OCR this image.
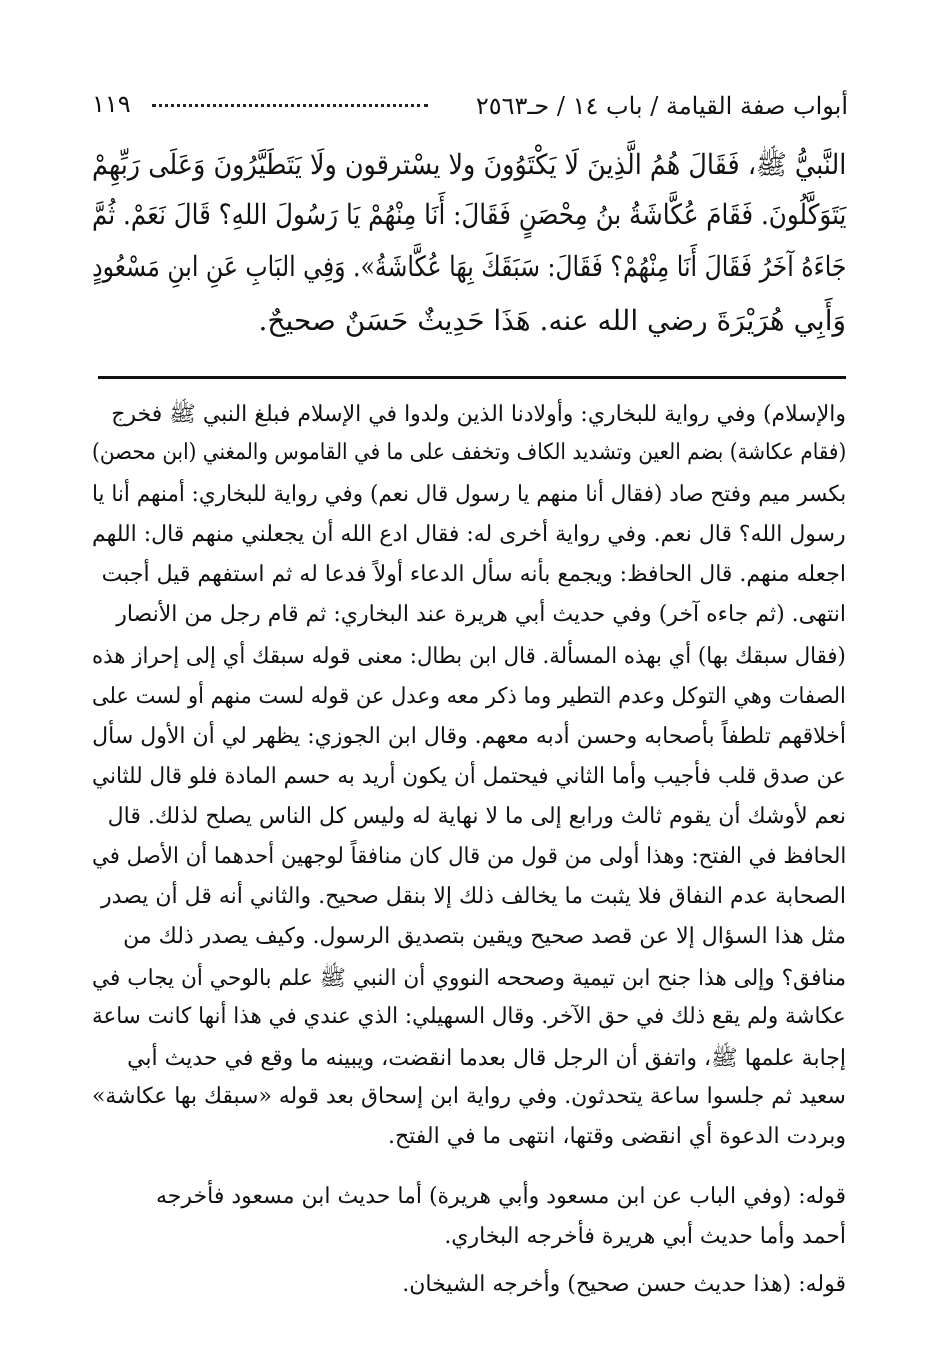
أبواب صفة القيامة / باب ١٤ / حـ٢٥٦٣
١١٩
النَّبيُّ ﷺ، فَقَالَ هُمُ الَّذِينَ لَا يَكْتَوُونَ ولا يسْترقون ولَا يَتَطَيَّرُونَ وَعَلَى رَبِّهِمْ
يَتَوَكَّلُونَ. فَقَامَ عُكَّاشَةُ بنُ مِحْصَنٍ فَقَالَ: أَنَا مِنْهُمْ يَا رَسُولَ اللهِ؟ قَالَ نَعَمْ. ثُمَّ
جَاءَهُ آخَرُ فَقَالَ أَنَا مِنْهُمْ؟ فَقَالَ: سَبَقَكَ بِهَا عُكَّاشَةُ». وَفِي البَابِ عَنِ ابنِ مَسْعُودٍ
وَأَبِي هُرَيْرَةَ رضي الله عنه. هَذَا حَدِيثٌ حَسَنٌ صحيحٌ.
والإسلام) وفي رواية للبخاري: وأولادنا الذين ولدوا في الإسلام فبلغ النبي ﷺ فخرج
(فقام عكاشة) بضم العين وتشديد الكاف وتخفف على ما في القاموس والمغني (ابن محصن)
بكسر ميم وفتح صاد (فقال أنا منهم يا رسول قال نعم) وفي رواية للبخاري: أمنهم أنا يا
رسول الله؟ قال نعم. وفي رواية أخرى له: فقال ادع الله أن يجعلني منهم قال: اللهم
اجعله منهم. قال الحافظ: ويجمع بأنه سأل الدعاء أولاً فدعا له ثم استفهم قيل أجبت
انتهى. (ثم جاءه آخر) وفي حديث أبي هريرة عند البخاري: ثم قام رجل من الأنصار
(فقال سبقك بها) أي بهذه المسألة. قال ابن بطال: معنى قوله سبقك أي إلى إحراز هذه
الصفات وهي التوكل وعدم التطير وما ذكر معه وعدل عن قوله لست منهم أو لست على
أخلاقهم تلطفاً بأصحابه وحسن أدبه معهم. وقال ابن الجوزي: يظهر لي أن الأول سأل
عن صدق قلب فأجيب وأما الثاني فيحتمل أن يكون أريد به حسم المادة فلو قال للثاني
نعم لأوشك أن يقوم ثالث ورابع إلى ما لا نهاية له وليس كل الناس يصلح لذلك. قال
الحافظ في الفتح: وهذا أولى من قول من قال كان منافقاً لوجهين أحدهما أن الأصل في
الصحابة عدم النفاق فلا يثبت ما يخالف ذلك إلا بنقل صحيح. والثاني أنه قل أن يصدر
مثل هذا السؤال إلا عن قصد صحيح ويقين بتصديق الرسول. وكيف يصدر ذلك من
منافق؟ وإلى هذا جنح ابن تيمية وصححه النووي أن النبي ﷺ علم بالوحي أن يجاب في
عكاشة ولم يقع ذلك في حق الآخر. وقال السهيلي: الذي عندي في هذا أنها كانت ساعة
إجابة علمها ﷺ، واتفق أن الرجل قال بعدما انقضت، ويبينه ما وقع في حديث أبي
سعيد ثم جلسوا ساعة يتحدثون. وفي رواية ابن إسحاق بعد قوله «سبقك بها عكاشة»
وبردت الدعوة أي انقضى وقتها، انتهى ما في الفتح.
قوله: (وفي الباب عن ابن مسعود وأبي هريرة) أما حديث ابن مسعود فأخرجه
أحمد وأما حديث أبي هريرة فأخرجه البخاري.
قوله: (هذا حديث حسن صحيح) وأخرجه الشيخان.
